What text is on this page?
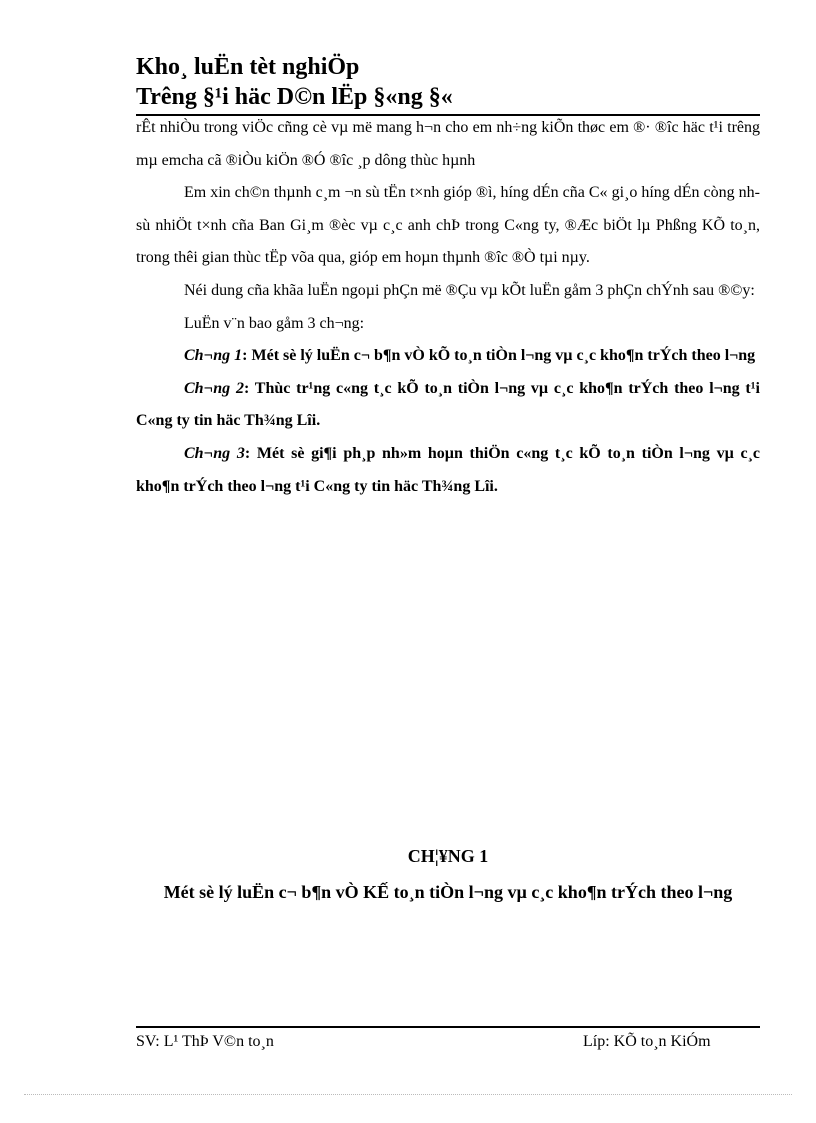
Kho¸ luËn tèt nghiÖp
Trêng §¹i häc D©n lËp §«ng §«

rÊt nhiÒu trong viÖc cñng cè vµ më mang h¬n cho em nh÷ng kiÕn thøc em ®· ®îc häc t¹i trêng mµ emcha cã ®iÒu kiÖn ®Ó ®îc ¸p dông thùc hµnh

Em xin ch©n thµnh c¸m ¬n sù tËn t×nh gióp ®ì, híng dÉn cña C« gi¸o híng dÉn còng nh sù nhiÖt t×nh cña Ban Gi¸m ®èc vµ c¸c anh chÞ trong C«ng ty, ®Æc biÖt lµ Phßng KÕ to¸n, trong thêi gian thùc tËp võa qua, gióp em hoµn thµnh ®îc ®Ò tµi nµy.

Néi dung cña khãa luËn ngoµi phÇn më ®Çu vµ kÕt luËn gåm 3 phÇn chÝnh sau ®©y:

LuËn v¨n bao gåm 3 ch¬ng:

Ch¬ng 1: Mét sè lý luËn c¬ b¶n vÒ kÕ to¸n tiÒn l¬ng vµ c¸c kho¶n trÝch theo l¬ng

Ch¬ng 2: Thùc tr¹ng c«ng t¸c kÕ to¸n tiÒn l¬ng vµ c¸c kho¶n trÝch theo l¬ng t¹i C«ng ty tin häc Th¾ng Lîi.

Ch¬ng 3: Mét sè gi¶i ph¸p nh»m hoµn thiÖn c«ng t¸c kÕ to¸n tiÒn l¬ng vµ c¸c kho¶n trÝch theo l¬ng t¹i C«ng ty tin häc Th¾ng Lîi.

CH¦¥NG 1
Mét sè lý luËn c¬ b¶n vÒ KẾ to¸n tiÒn l¬ng vµ c¸c kho¶n trÝch theo l¬ng
SV: L¹ ThÞ V©n to¸n	Líp: KÕ to¸n KiÓm
